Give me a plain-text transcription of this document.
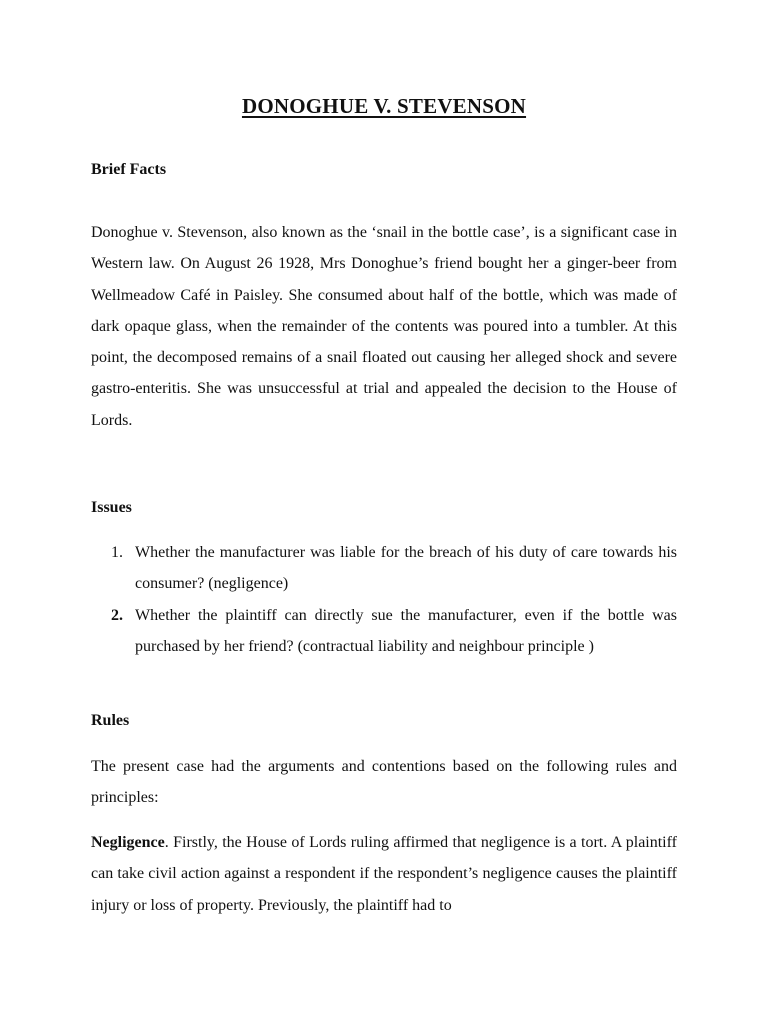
DONOGHUE V. STEVENSON
Brief Facts
Donoghue v. Stevenson, also known as the ‘snail in the bottle case’, is a significant case in Western law. On August 26 1928, Mrs Donoghue’s friend bought her a ginger-beer from Wellmeadow Café in Paisley. She consumed about half of the bottle, which was made of dark opaque glass, when the remainder of the contents was poured into a tumbler. At this point, the decomposed remains of a snail floated out causing her alleged shock and severe gastro-enteritis. She was unsuccessful at trial and appealed the decision to the House of Lords.
Issues
1. Whether the manufacturer was liable for the breach of his duty of care towards his consumer? (negligence)
2. Whether the plaintiff can directly sue the manufacturer, even if the bottle was purchased by her friend? (contractual liability and neighbour principle )
Rules
The present case had the arguments and contentions based on the following rules and principles:
Negligence. Firstly, the House of Lords ruling affirmed that negligence is a tort. A plaintiff can take civil action against a respondent if the respondent’s negligence causes the plaintiff injury or loss of property. Previously, the plaintiff had to
